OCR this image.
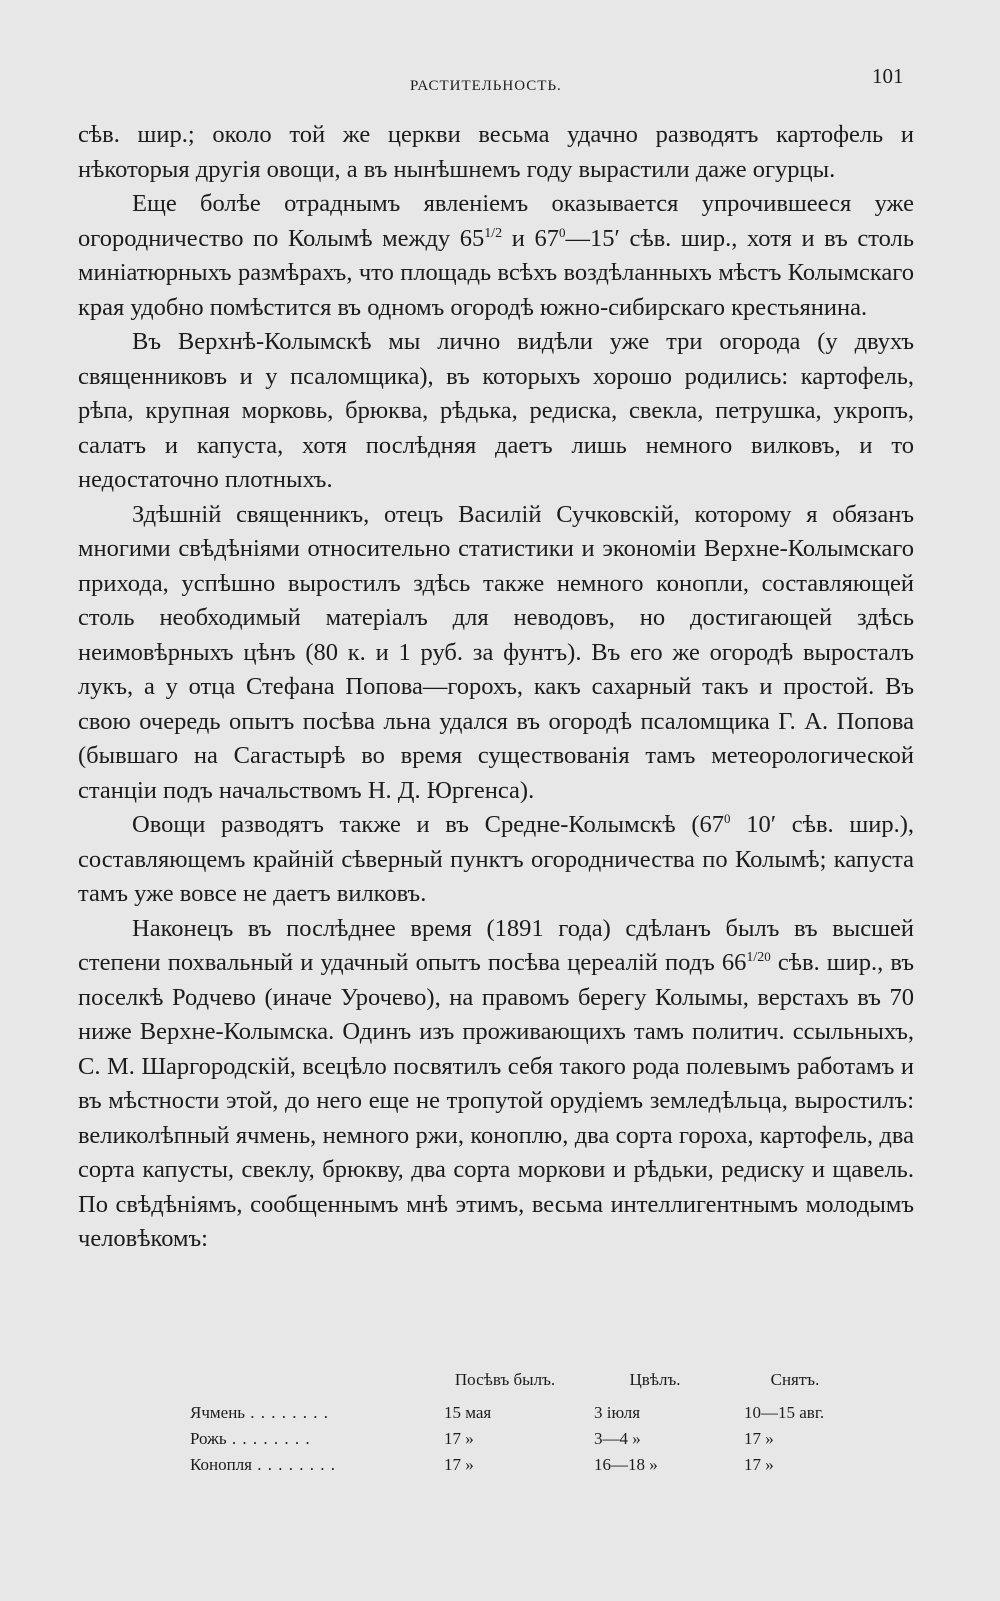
РАСТИТЕЛЬНОСТЬ.	101

сѣв. шир.; около той же церкви весьма удачно разводятъ картофель и нѣкоторыя другія овощи, а въ нынѣшнемъ году вырастили даже огурцы.

Еще болѣе отраднымъ явленіемъ оказывается упрочившееся уже огородничество по Колымѣ между $65^{1/2}$ и $67^0—15'$ сѣв. шир., хотя и въ столь миніатюрныхъ размѣрахъ, что площадь всѣхъ воздѣланныхъ мѣстъ Колымскаго края удобно помѣстится въ одномъ огородѣ южно-сибирскаго крестьянина.

Въ Верхнѣ-Колымскѣ мы лично видѣли уже три огорода (у двухъ священниковъ и у псаломщика), въ которыхъ хорошо родились: картофель, рѣпа, крупная морковь, брюква, рѣдька, редиска, свекла, петрушка, укропъ, салатъ и капуста, хотя послѣдняя даетъ лишь немного вилковъ, и то недостаточно плотныхъ.

Здѣшній священникъ, отецъ Василій Сучковскій, которому я обязанъ многими свѣдѣніями относительно статистики и экономіи Верхне-Колымскаго прихода, успѣшно выростилъ здѣсь также немного конопли, составляющей столь необходимый матеріалъ для неводовъ, но достигающей здѣсь неимовѣрныхъ цѣнъ (80 к. и 1 руб. за фунтъ). Въ его же огородѣ выросталъ лукъ, а у отца Стефана Попова—горохъ, какъ сахарный такъ и простой. Въ свою очередь опытъ посѣва льна удался въ огородѣ псаломщика Г. А. Попова (бывшаго на Сагастырѣ во время существованія тамъ метеорологической станціи подъ начальствомъ Н. Д. Юргенса).

Овощи разводятъ также и въ Средне-Колымскѣ ($67^0$ 10′ сѣв. шир.), составляющемъ крайній сѣверный пунктъ огородничества по Колымѣ; капуста тамъ уже вовсе не даетъ вилковъ.

Наконецъ въ послѣднее время (1891 года) сдѣланъ былъ въ высшей степени похвальный и удачный опытъ посѣва цереалій подъ $66^{1/20}$ сѣв. шир., въ поселкѣ Родчево (иначе Урочево), на правомъ берегу Колымы, верстахъ въ 70 ниже Верхне-Колымска. Одинъ изъ проживающихъ тамъ политич. ссыльныхъ, С. М. Шаргородскій, всецѣло посвятилъ себя такого рода полевымъ работамъ и въ мѣстности этой, до него еще не тропутой орудіемъ земледѣльца, выростилъ: великолѣпный ячмень, немного ржи, коноплю, два сорта гороха, картофель, два сорта капусты, свеклу, брюкву, два сорта моркови и рѣдьки, редиску и щавель. По свѣдѣніямъ, сообщеннымъ мнѣ этимъ, весьма интеллигентнымъ молодымъ человѣкомъ:

	Посѣвъ былъ.	Цвѣлъ.	Снятъ.
Ячмень . . .	15 мая	3 іюля	10—15 авг.
Рожь . . .	17 »	3—4 »	17 »
Конопля . . .	17 »	16—18 »	17 »
